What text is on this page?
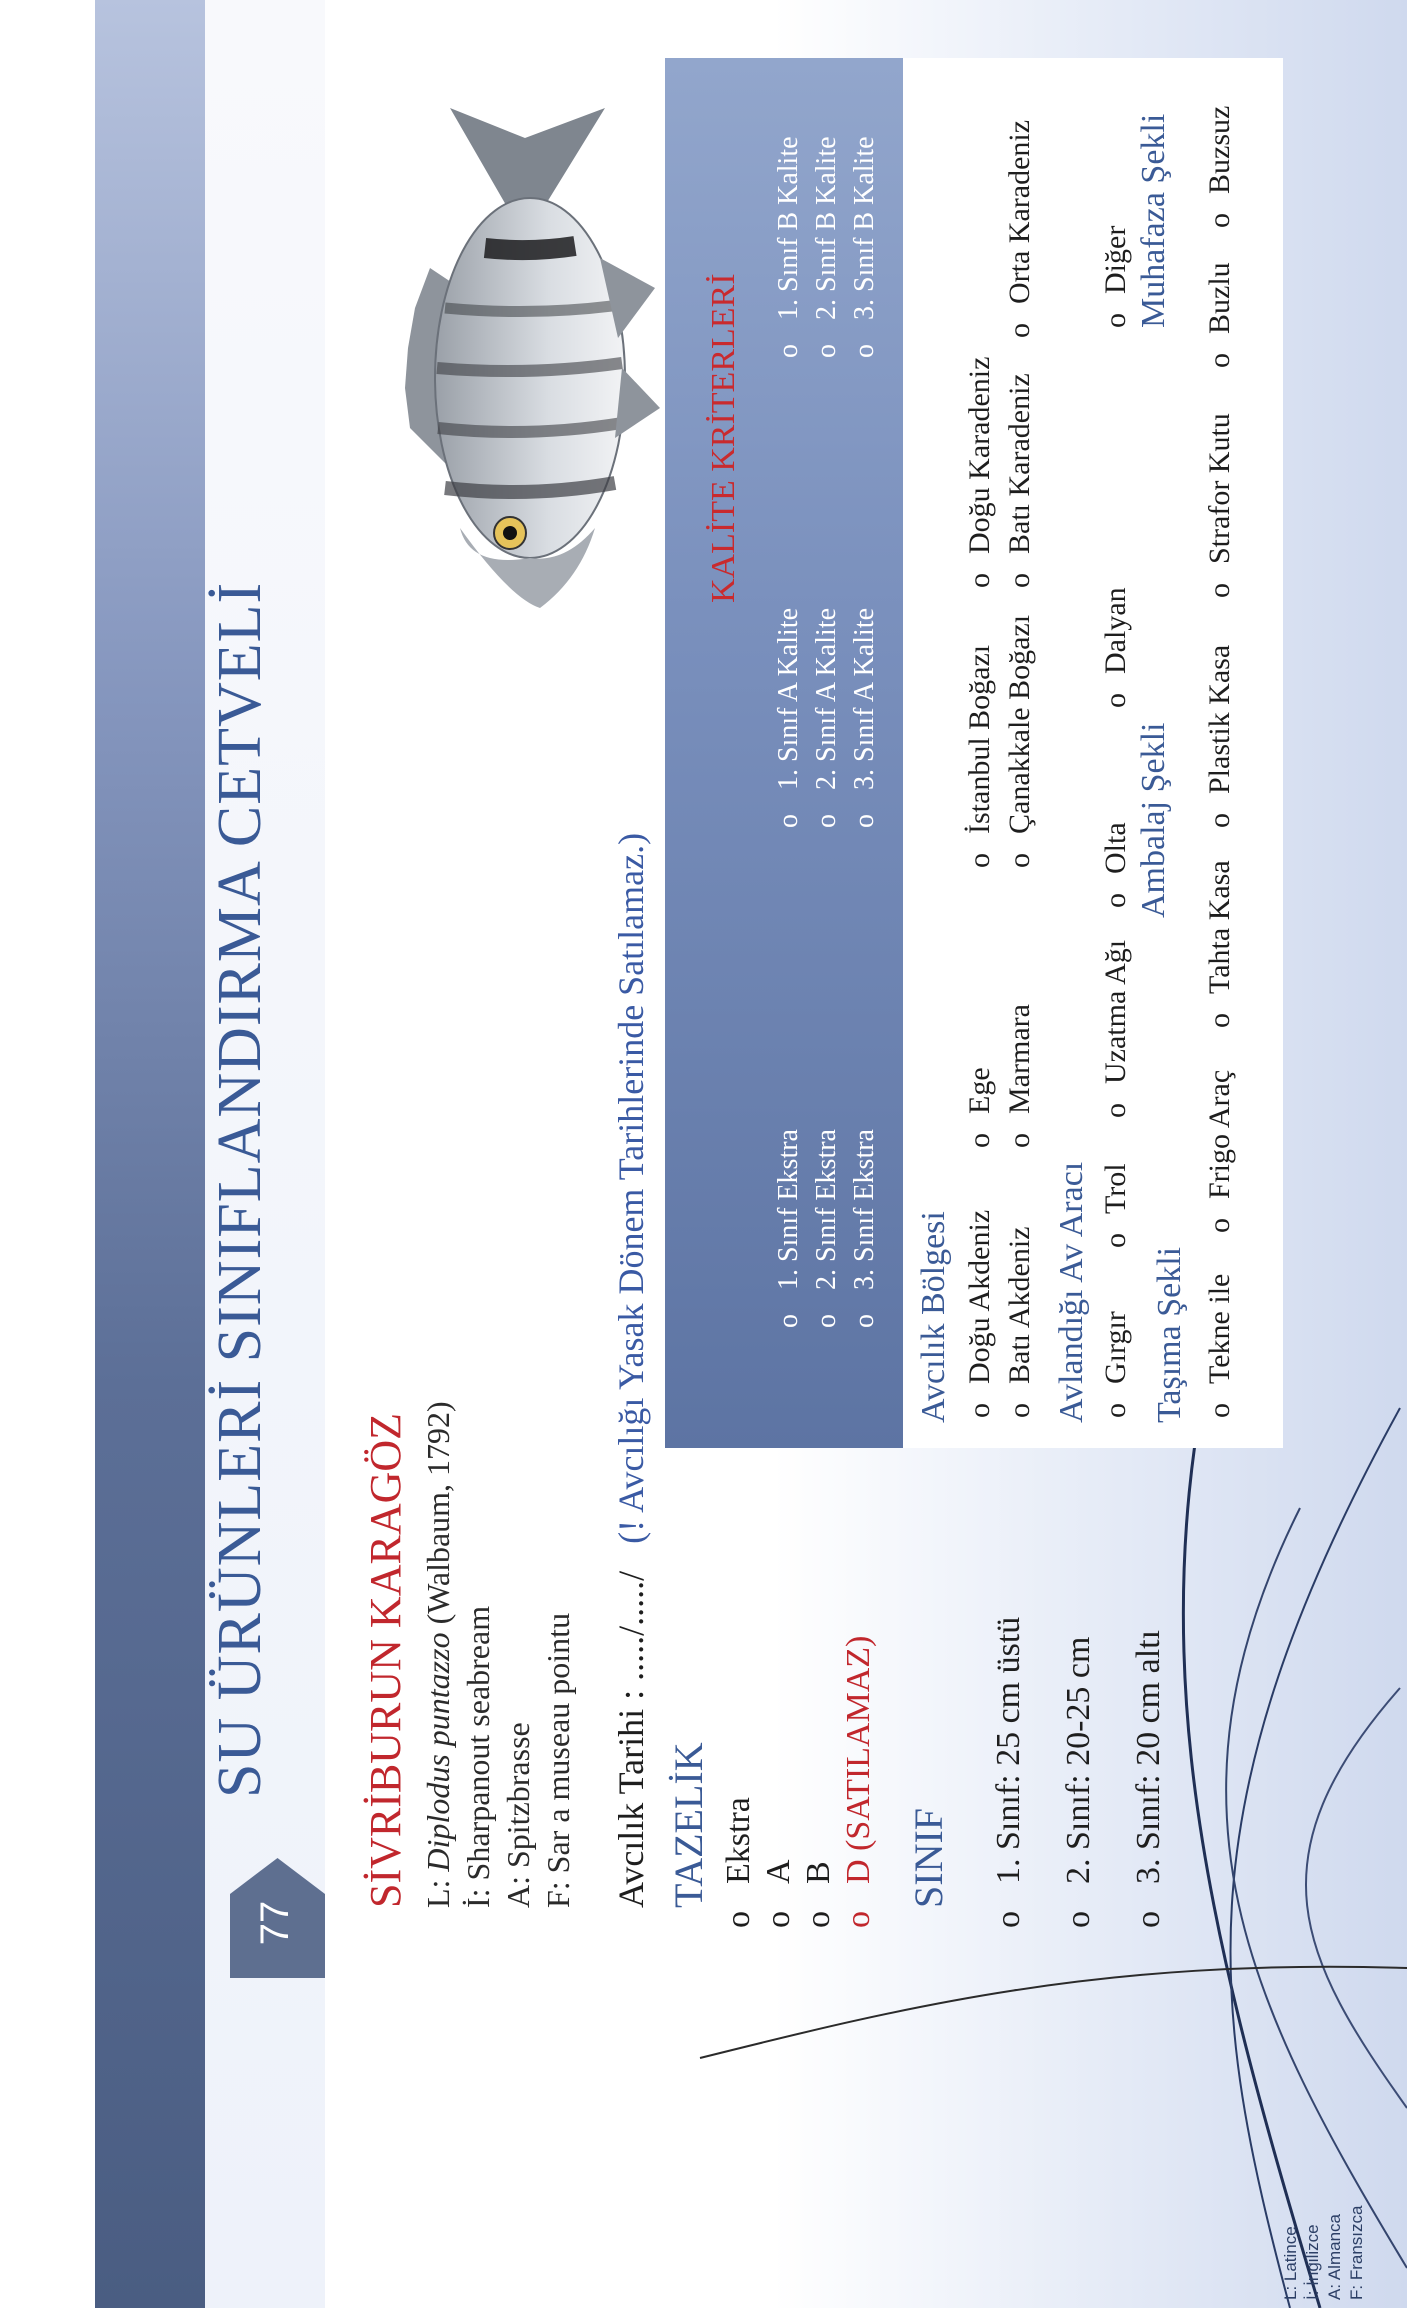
77
SU ÜRÜNLERİ SINIFLANDIRMA CETVELİ SİVRİBURUN KARAGÖZ L: Diplodus puntazzo (Walbaum, 1792)
İ: Sharpanout seabream A: Spitzbrasse F: Sar a museau pointu Avcılık Tarihi : ...../...../ (! Avcılığı Yasak Dönem Tarihlerinde Satılamaz.)
TAZELİK
oEkstra
oA
oB
oD (SATILAMAZ) SINIF
o1. Sınıf: 25 cm üstü
o2. Sınıf: 20-25 cm
o3. Sınıf: 20 cm altı
KALİTE KRİTERLERİ
o1. Sınıf Ekstra
o2. Sınıf Ekstra
o3. Sınıf Ekstra
o1. Sınıf A Kalite
o2. Sınıf A Kalite
o3. Sınıf A Kalite
o1. Sınıf B Kalite
o2. Sınıf B Kalite
o3. Sınıf B Kalite
Avcılık Bölgesi oDoğu Akdeniz
oEge
oİstanbul Boğazı
oDoğu Karadeniz
oBatı Akdeniz
oMarmara
oÇanakkale Boğazı
oBatı Karadeniz
oOrta Karadeniz
Avlandığı Av Aracı oGırgır
oTrol
oUzatma Ağı
oOlta
oDalyan
oDiğer
Taşıma Şekli
Ambalaj Şekli
Muhafaza Şekli
oTekne ile
oFrigo Araç
oTahta Kasa
oPlastik Kasa
oStrafor Kutu
oBuzlu
oBuzsuz
L: Latince İ: İngilizce A: Almanca F: Fransızca
